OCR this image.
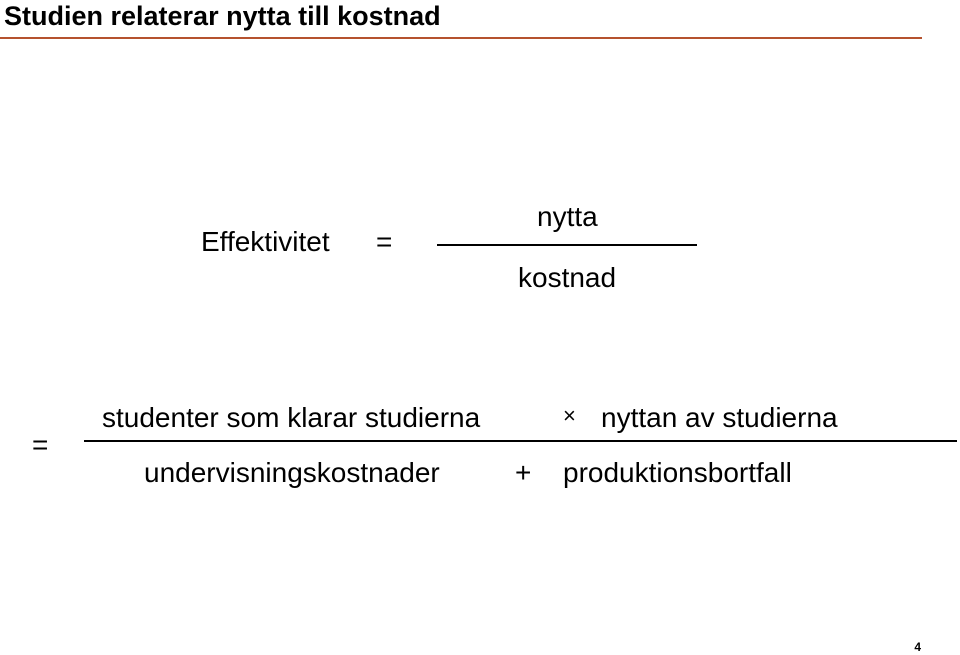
Studien relaterar nytta till kostnad
Effektivitet =
nytta
kostnad
=
studenter som klarar studierna	× nyttan av studierna
undervisningskostnader	+ produktionsbortfall
4
